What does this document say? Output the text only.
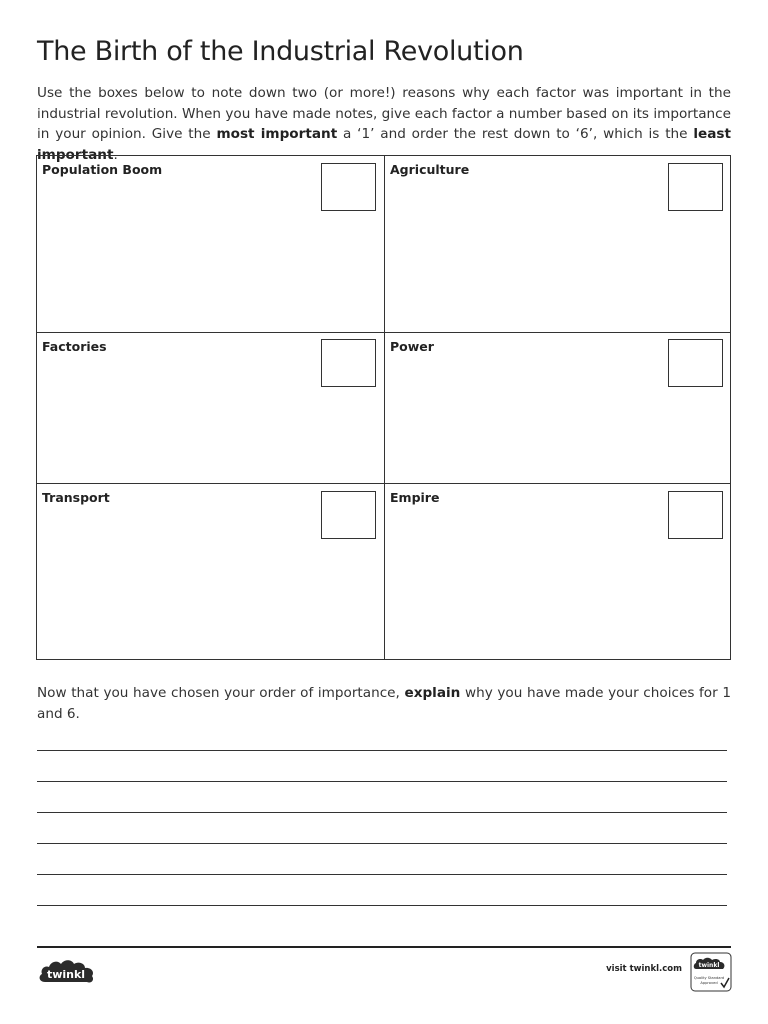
The Birth of the Industrial Revolution

Use the boxes below to note down two (or more!) reasons why each factor was important in the industrial revolution. When you have made notes, give each factor a number based on its importance in your opinion. Give the most important a ‘1’ and order the rest down to ‘6’, which is the least important.

Population Boom	Agriculture
Factories	Power
Transport	Empire

Now that you have chosen your order of importance, explain why you have made your choices for 1 and 6.

twinkl	visit twinkl.com	twinkl
Quality Standard
Approved
